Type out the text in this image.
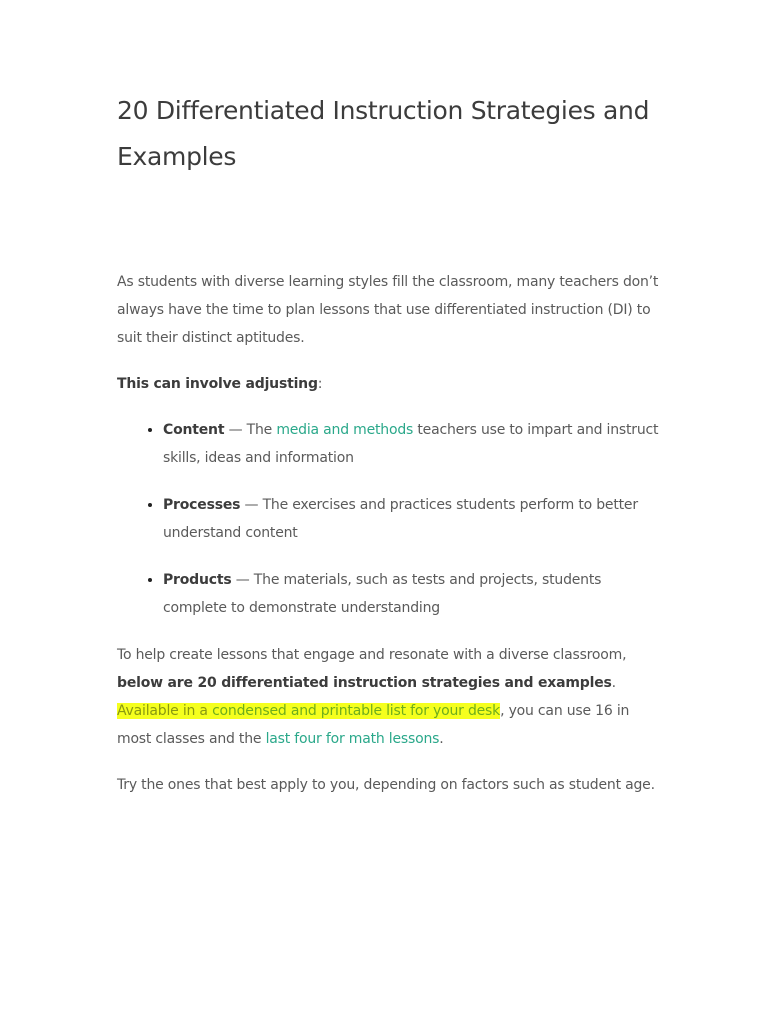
20 Differentiated Instruction Strategies and Examples

As students with diverse learning styles fill the classroom, many teachers don’t always have the time to plan lessons that use differentiated instruction (DI) to suit their distinct aptitudes.

This can involve adjusting:

• Content — The media and methods teachers use to impart and instruct skills, ideas and information
• Processes — The exercises and practices students perform to better understand content
• Products — The materials, such as tests and projects, students complete to demonstrate understanding

To help create lessons that engage and resonate with a diverse classroom, below are 20 differentiated instruction strategies and examples. Available in a condensed and printable list for your desk, you can use 16 in most classes and the last four for math lessons.

Try the ones that best apply to you, depending on factors such as student age.
